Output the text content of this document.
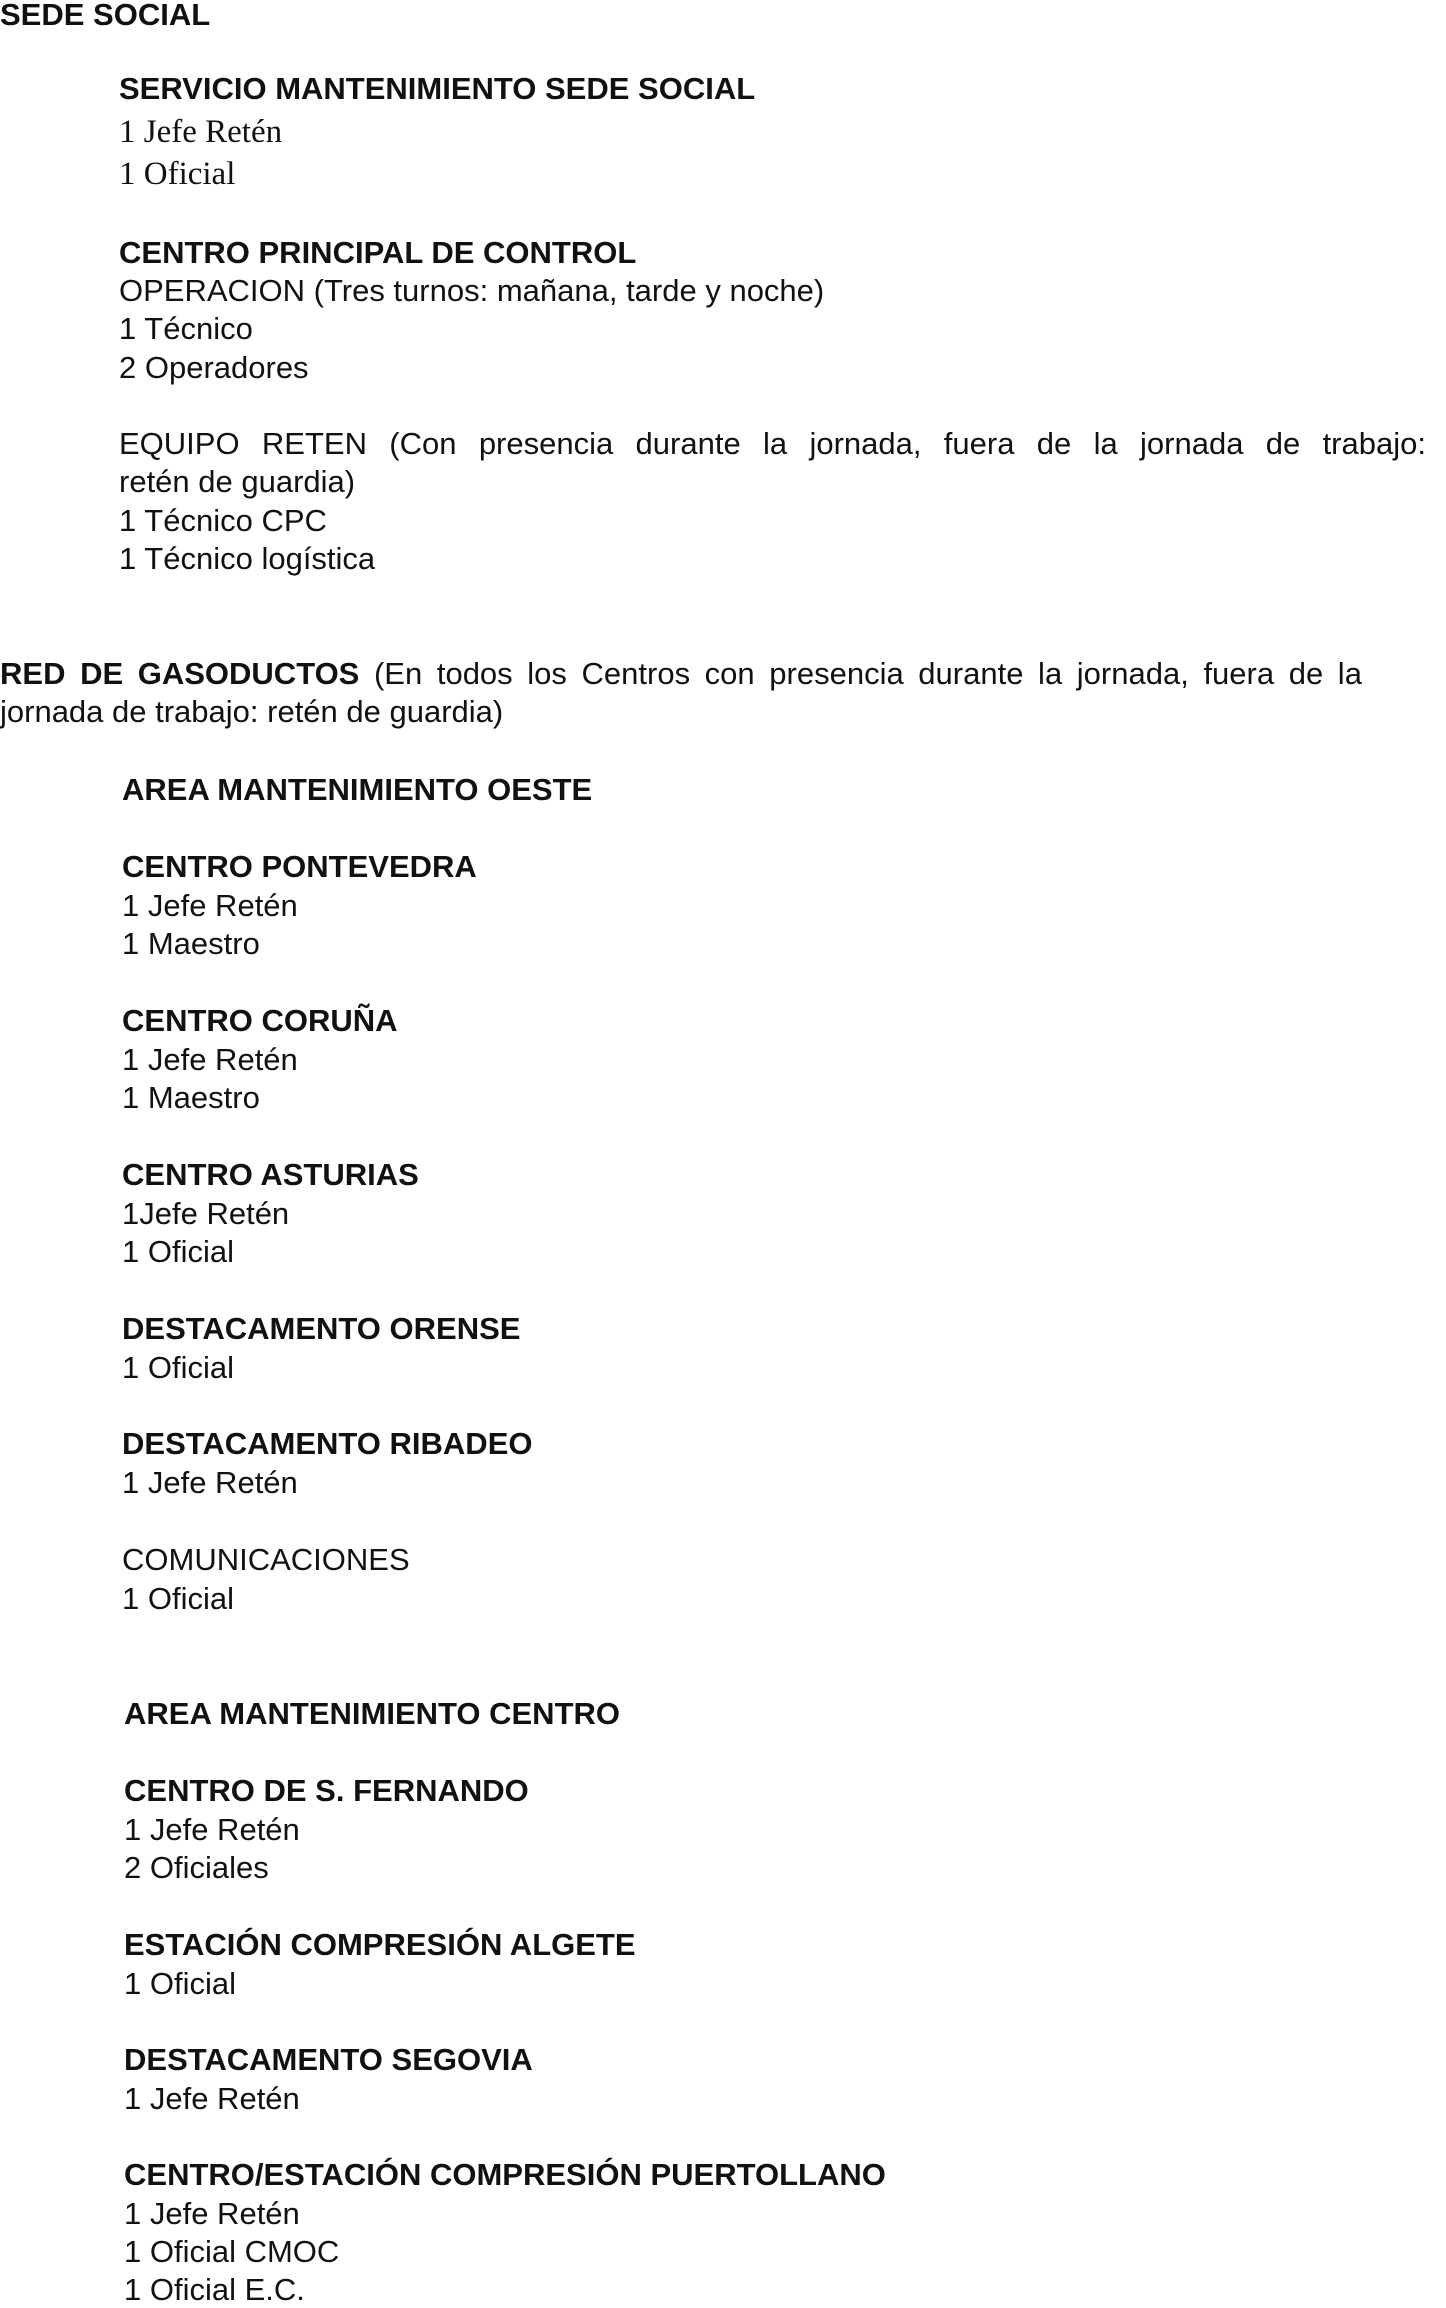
SEDE SOCIAL
SERVICIO MANTENIMIENTO SEDE SOCIAL
1 Jefe Retén
1 Oficial
CENTRO PRINCIPAL DE CONTROL
OPERACION (Tres turnos: mañana, tarde y noche)
1 Técnico
2 Operadores
EQUIPO RETEN (Con presencia durante la jornada, fuera de la jornada de trabajo:
retén de guardia)
1 Técnico CPC
1 Técnico logística
RED DE GASODUCTOS (En todos los Centros con presencia durante la jornada, fuera de la
jornada de trabajo: retén de guardia)
AREA MANTENIMIENTO OESTE
CENTRO PONTEVEDRA
1 Jefe Retén
1 Maestro
CENTRO CORUÑA
1 Jefe Retén
1 Maestro
CENTRO ASTURIAS
1Jefe Retén
1 Oficial
DESTACAMENTO ORENSE
1 Oficial
DESTACAMENTO RIBADEO
1 Jefe Retén
COMUNICACIONES
1 Oficial
AREA MANTENIMIENTO CENTRO
CENTRO DE S. FERNANDO
1 Jefe Retén
2 Oficiales
ESTACIÓN COMPRESIÓN ALGETE
1 Oficial
DESTACAMENTO SEGOVIA
1 Jefe Retén
CENTRO/ESTACIÓN COMPRESIÓN PUERTOLLANO
1 Jefe Retén
1 Oficial CMOC
1 Oficial E.C.
